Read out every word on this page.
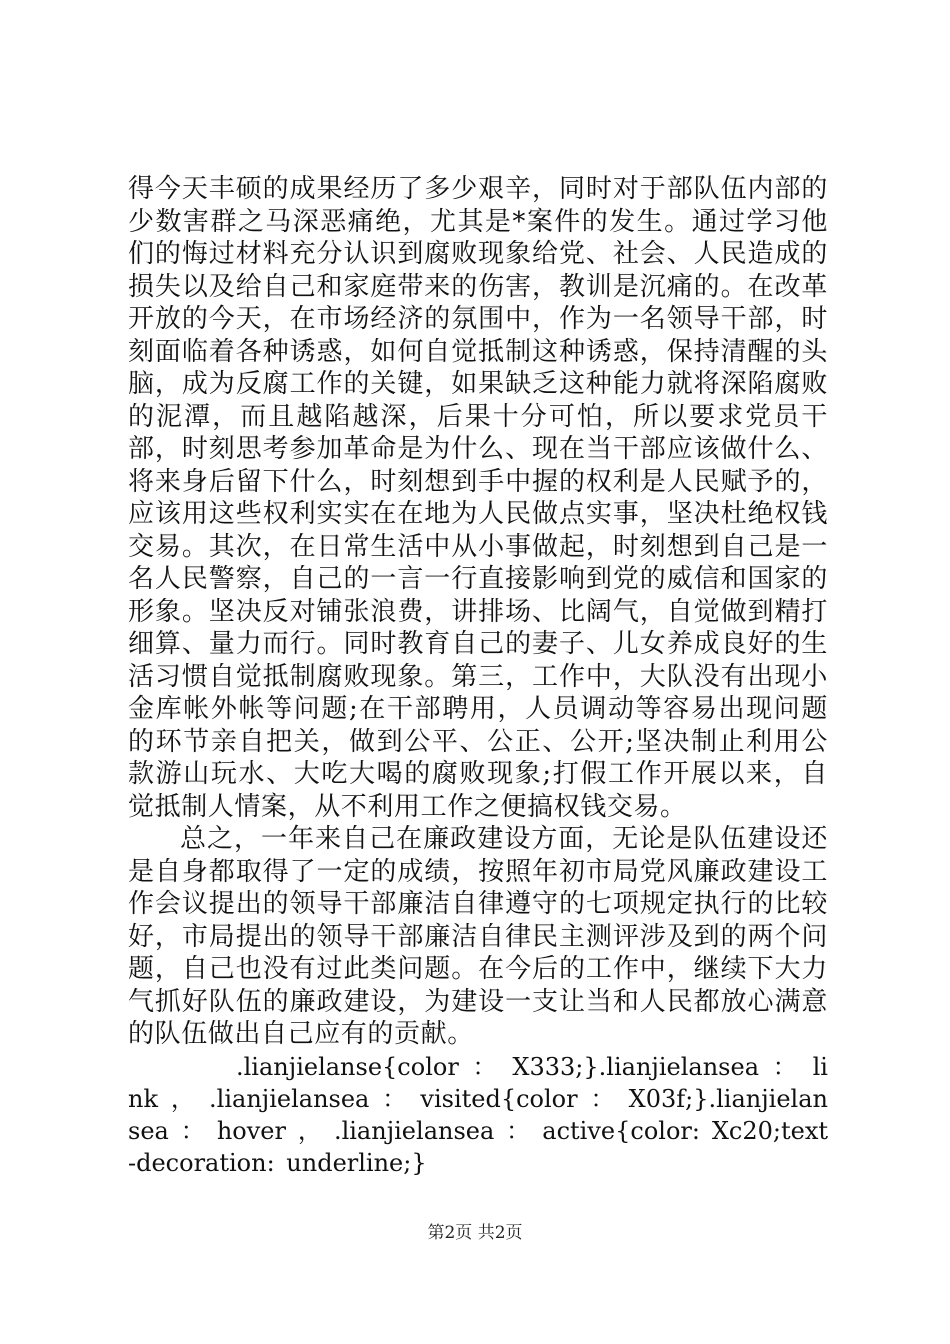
得今天丰硕的成果经历了多少艰辛，同时对于部队伍内部的少数害群之马深恶痛绝，尤其是*案件的发生。通过学习他们的悔过材料充分认识到腐败现象给党、社会、人民造成的损失以及给自己和家庭带来的伤害，教训是沉痛的。在改革开放的今天，在市场经济的氛围中，作为一名领导干部，时刻面临着各种诱惑，如何自觉抵制这种诱惑，保持清醒的头脑，成为反腐工作的关键，如果缺乏这种能力就将深陷腐败的泥潭，而且越陷越深，后果十分可怕，所以要求党员干部，时刻思考参加革命是为什么、现在当干部应该做什么、将来身后留下什么，时刻想到手中握的权利是人民赋予的，应该用这些权利实实在在地为人民做点实事，坚决杜绝权钱交易。其次，在日常生活中从小事做起，时刻想到自己是一名人民警察，自己的一言一行直接影响到党的威信和国家的形象。坚决反对铺张浪费，讲排场、比阔气，自觉做到精打细算、量力而行。同时教育自己的妻子、儿女养成良好的生活习惯自觉抵制腐败现象。第三，工作中，大队没有出现小金库帐外帐等问题;在干部聘用，人员调动等容易出现问题的环节亲自把关，做到公平、公正、公开;坚决制止利用公款游山玩水、大吃大喝的腐败现象;打假工作开展以来，自觉抵制人情案，从不利用工作之便搞权钱交易。

总之，一年来自己在廉政建设方面，无论是队伍建设还是自身都取得了一定的成绩，按照年初市局党风廉政建设工作会议提出的领导干部廉洁自律遵守的七项规定执行的比较好，市局提出的领导干部廉洁自律民主测评涉及到的两个问题，自己也没有过此类问题。在今后的工作中，继续下大力气抓好队伍的廉政建设，为建设一支让当和人民都放心满意的队伍做出自己应有的贡献。

.lianjielanse{color ： X333;}.lianjielansea ： link ， .lianjielansea ： visited{color ： X03f;}.lianjielansea ： hover ， .lianjielansea ： active{color: Xc20;text-decoration: underline;}

第2页 共2页
